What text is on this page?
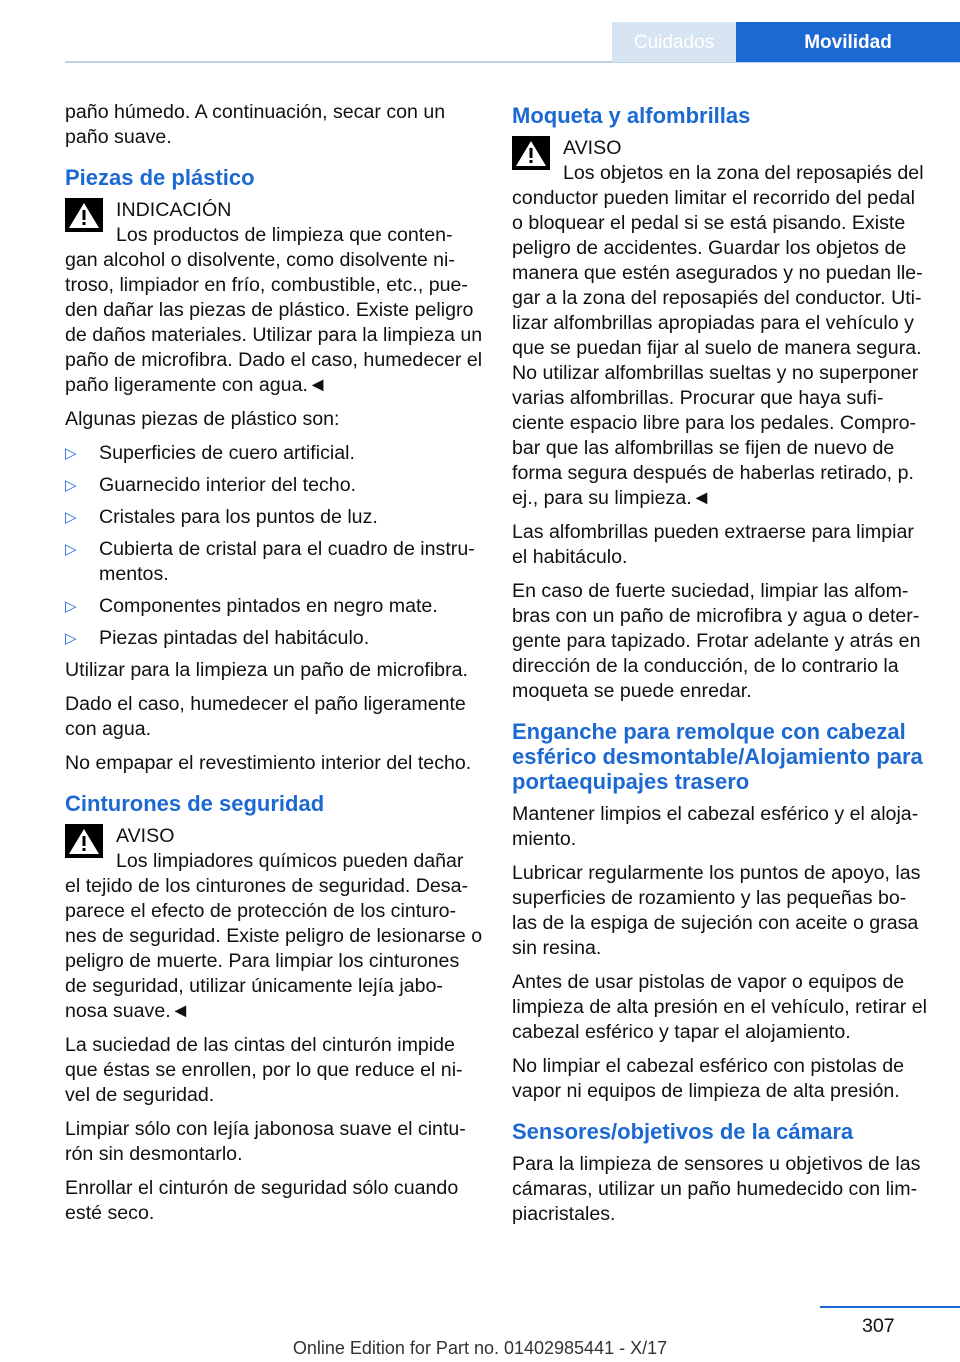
Cuidados	Movilidad

paño húmedo. A continuación, secar con un paño suave.

Piezas de plástico
INDICACIÓN
Los productos de limpieza que conten‐

gan alcohol o disolvente, como disolvente ni‐ troso, limpiador en frío, combustible, etc., pue‐ den dañar las piezas de plástico. Existe peligro de daños materiales. Utilizar para la limpieza un paño de microfibra. Dado el caso, humedecer el paño ligeramente con agua.◄

Algunas piezas de plástico son:

▷ Superficies de cuero artificial.
▷ Guarnecido interior del techo.
▷ Cristales para los puntos de luz.
▷ Cubierta de cristal para el cuadro de instru‐ mentos.
▷ Componentes pintados en negro mate.
▷ Piezas pintadas del habitáculo.

Utilizar para la limpieza un paño de microfibra.

Dado el caso, humedecer el paño ligeramente con agua.

No empapar el revestimiento interior del techo.

Cinturones de seguridad
AVISO
Los limpiadores químicos pueden dañar

el tejido de los cinturones de seguridad. Desa‐ parece el efecto de protección de los cinturo‐ nes de seguridad. Existe peligro de lesionarse o peligro de muerte. Para limpiar los cinturones de seguridad, utilizar únicamente lejía jabo‐ nosa suave.◄

La suciedad de las cintas del cinturón impide que éstas se enrollen, por lo que reduce el ni‐ vel de seguridad.

Limpiar sólo con lejía jabonosa suave el cintu‐ rón sin desmontarlo.

Enrollar el cinturón de seguridad sólo cuando esté seco.

Moqueta y alfombrillas
AVISO
Los objetos en la zona del reposapiés del

conductor pueden limitar el recorrido del pedal o bloquear el pedal si se está pisando. Existe peligro de accidentes. Guardar los objetos de manera que estén asegurados y no puedan lle‐ gar a la zona del reposapiés del conductor. Uti‐ lizar alfombrillas apropiadas para el vehículo y que se puedan fijar al suelo de manera segura. No utilizar alfombrillas sueltas y no superponer varias alfombrillas. Procurar que haya sufi‐ ciente espacio libre para los pedales. Compro‐ bar que las alfombrillas se fijen de nuevo de forma segura después de haberlas retirado, p. ej., para su limpieza.◄

Las alfombrillas pueden extraerse para limpiar el habitáculo.

En caso de fuerte suciedad, limpiar las alfom‐ bras con un paño de microfibra y agua o deter‐ gente para tapizado. Frotar adelante y atrás en dirección de la conducción, de lo contrario la moqueta se puede enredar.

Enganche para remolque con cabezal esférico desmontable/Alojamiento para portaequipajes trasero

Mantener limpios el cabezal esférico y el aloja‐ miento.

Lubricar regularmente los puntos de apoyo, las superficies de rozamiento y las pequeñas bo‐ las de la espiga de sujeción con aceite o grasa sin resina.

Antes de usar pistolas de vapor o equipos de limpieza de alta presión en el vehículo, retirar el cabezal esférico y tapar el alojamiento.

No limpiar el cabezal esférico con pistolas de vapor ni equipos de limpieza de alta presión.

Sensores/objetivos de la cámara

Para la limpieza de sensores u objetivos de las cámaras, utilizar un paño humedecido con lim‐ piacristales.

307
Online Edition for Part no. 01402985441 - X/17
